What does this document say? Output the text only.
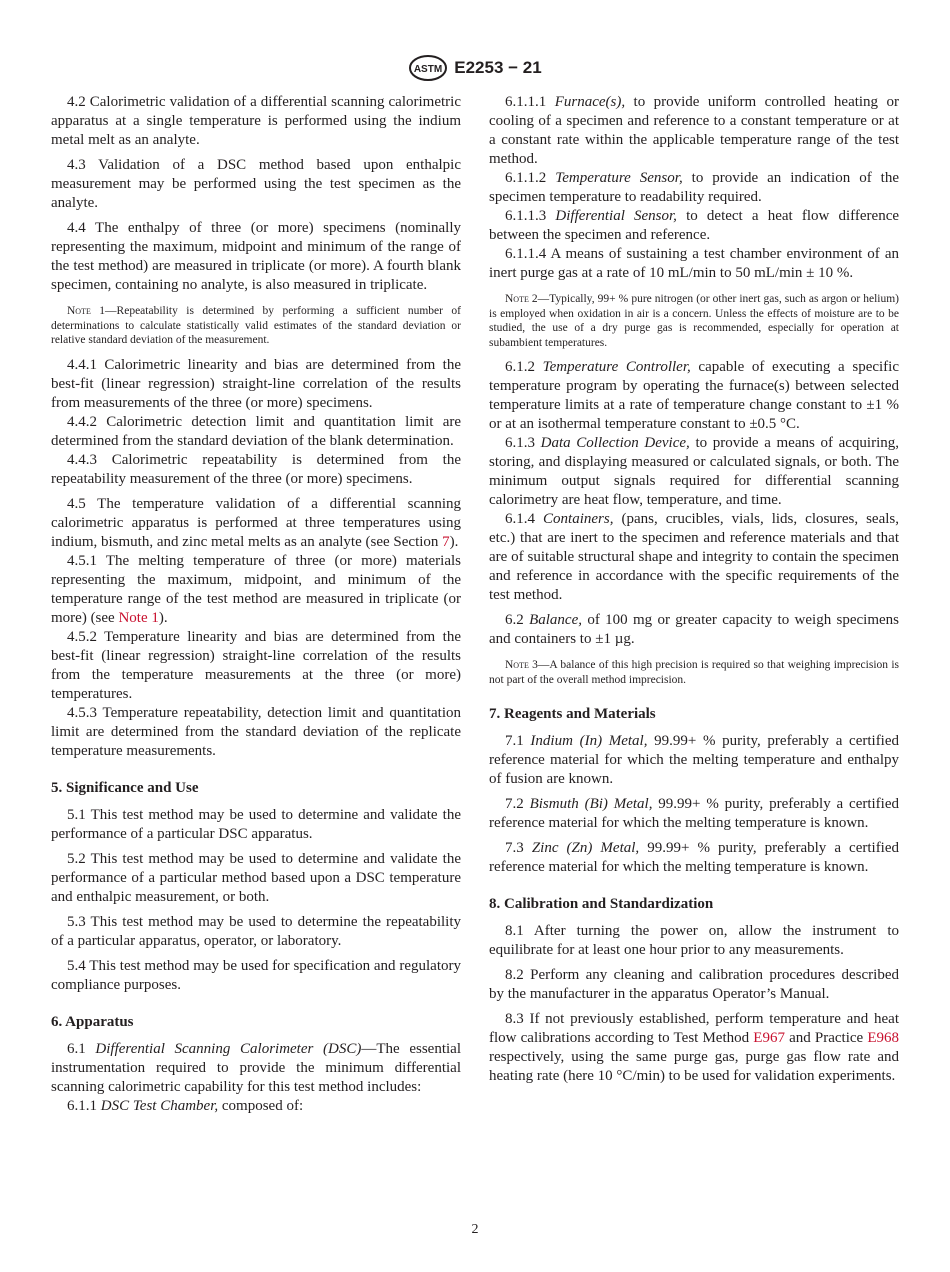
ASTM E2253 − 21

4.2 Calorimetric validation of a differential scanning calorimetric apparatus at a single temperature is performed using the indium metal melt as an analyte.

4.3 Validation of a DSC method based upon enthalpic measurement may be performed using the test specimen as the analyte.

4.4 The enthalpy of three (or more) specimens (nominally representing the maximum, midpoint and minimum of the range of the test method) are measured in triplicate (or more). A fourth blank specimen, containing no analyte, is also measured in triplicate.

Note 1—Repeatability is determined by performing a sufficient number of determinations to calculate statistically valid estimates of the standard deviation or relative standard deviation of the measurement.

4.4.1 Calorimetric linearity and bias are determined from the best-fit (linear regression) straight-line correlation of the results from measurements of the three (or more) specimens.

4.4.2 Calorimetric detection limit and quantitation limit are determined from the standard deviation of the blank determination.

4.4.3 Calorimetric repeatability is determined from the repeatability measurement of the three (or more) specimens.

4.5 The temperature validation of a differential scanning calorimetric apparatus is performed at three temperatures using indium, bismuth, and zinc metal melts as an analyte (see Section 7).

4.5.1 The melting temperature of three (or more) materials representing the maximum, midpoint, and minimum of the temperature range of the test method are measured in triplicate (or more) (see Note 1).

4.5.2 Temperature linearity and bias are determined from the best-fit (linear regression) straight-line correlation of the results from the temperature measurements at the three (or more) temperatures.

4.5.3 Temperature repeatability, detection limit and quantitation limit are determined from the standard deviation of the replicate temperature measurements.

5. Significance and Use

5.1 This test method may be used to determine and validate the performance of a particular DSC apparatus.

5.2 This test method may be used to determine and validate the performance of a particular method based upon a DSC temperature and enthalpic measurement, or both.

5.3 This test method may be used to determine the repeatability of a particular apparatus, operator, or laboratory.

5.4 This test method may be used for specification and regulatory compliance purposes.

6. Apparatus

6.1 Differential Scanning Calorimeter (DSC)—The essential instrumentation required to provide the minimum differential scanning calorimetric capability for this test method includes:

6.1.1 DSC Test Chamber, composed of:

6.1.1.1 Furnace(s), to provide uniform controlled heating or cooling of a specimen and reference to a constant temperature or at a constant rate within the applicable temperature range of the test method.

6.1.1.2 Temperature Sensor, to provide an indication of the specimen temperature to readability required.

6.1.1.3 Differential Sensor, to detect a heat flow difference between the specimen and reference.

6.1.1.4 A means of sustaining a test chamber environment of an inert purge gas at a rate of 10 mL/min to 50 mL/min ± 10 %.

Note 2—Typically, 99+ % pure nitrogen (or other inert gas, such as argon or helium) is employed when oxidation in air is a concern. Unless the effects of moisture are to be studied, the use of a dry purge gas is recommended, especially for operation at subambient temperatures.

6.1.2 Temperature Controller, capable of executing a specific temperature program by operating the furnace(s) between selected temperature limits at a rate of temperature change constant to ±1 % or at an isothermal temperature constant to ±0.5 °C.

6.1.3 Data Collection Device, to provide a means of acquiring, storing, and displaying measured or calculated signals, or both. The minimum output signals required for differential scanning calorimetry are heat flow, temperature, and time.

6.1.4 Containers, (pans, crucibles, vials, lids, closures, seals, etc.) that are inert to the specimen and reference materials and that are of suitable structural shape and integrity to contain the specimen and reference in accordance with the specific requirements of the test method.

6.2 Balance, of 100 mg or greater capacity to weigh specimens and containers to ±1 µg.

Note 3—A balance of this high precision is required so that weighing imprecision is not part of the overall method imprecision.

7. Reagents and Materials

7.1 Indium (In) Metal, 99.99+ % purity, preferably a certified reference material for which the melting temperature and enthalpy of fusion are known.

7.2 Bismuth (Bi) Metal, 99.99+ % purity, preferably a certified reference material for which the melting temperature is known.

7.3 Zinc (Zn) Metal, 99.99+ % purity, preferably a certified reference material for which the melting temperature is known.

8. Calibration and Standardization

8.1 After turning the power on, allow the instrument to equilibrate for at least one hour prior to any measurements.

8.2 Perform any cleaning and calibration procedures described by the manufacturer in the apparatus Operator’s Manual.

8.3 If not previously established, perform temperature and heat flow calibrations according to Test Method E967 and Practice E968 respectively, using the same purge gas, purge gas flow rate and heating rate (here 10 °C/min) to be used for validation experiments.

2
